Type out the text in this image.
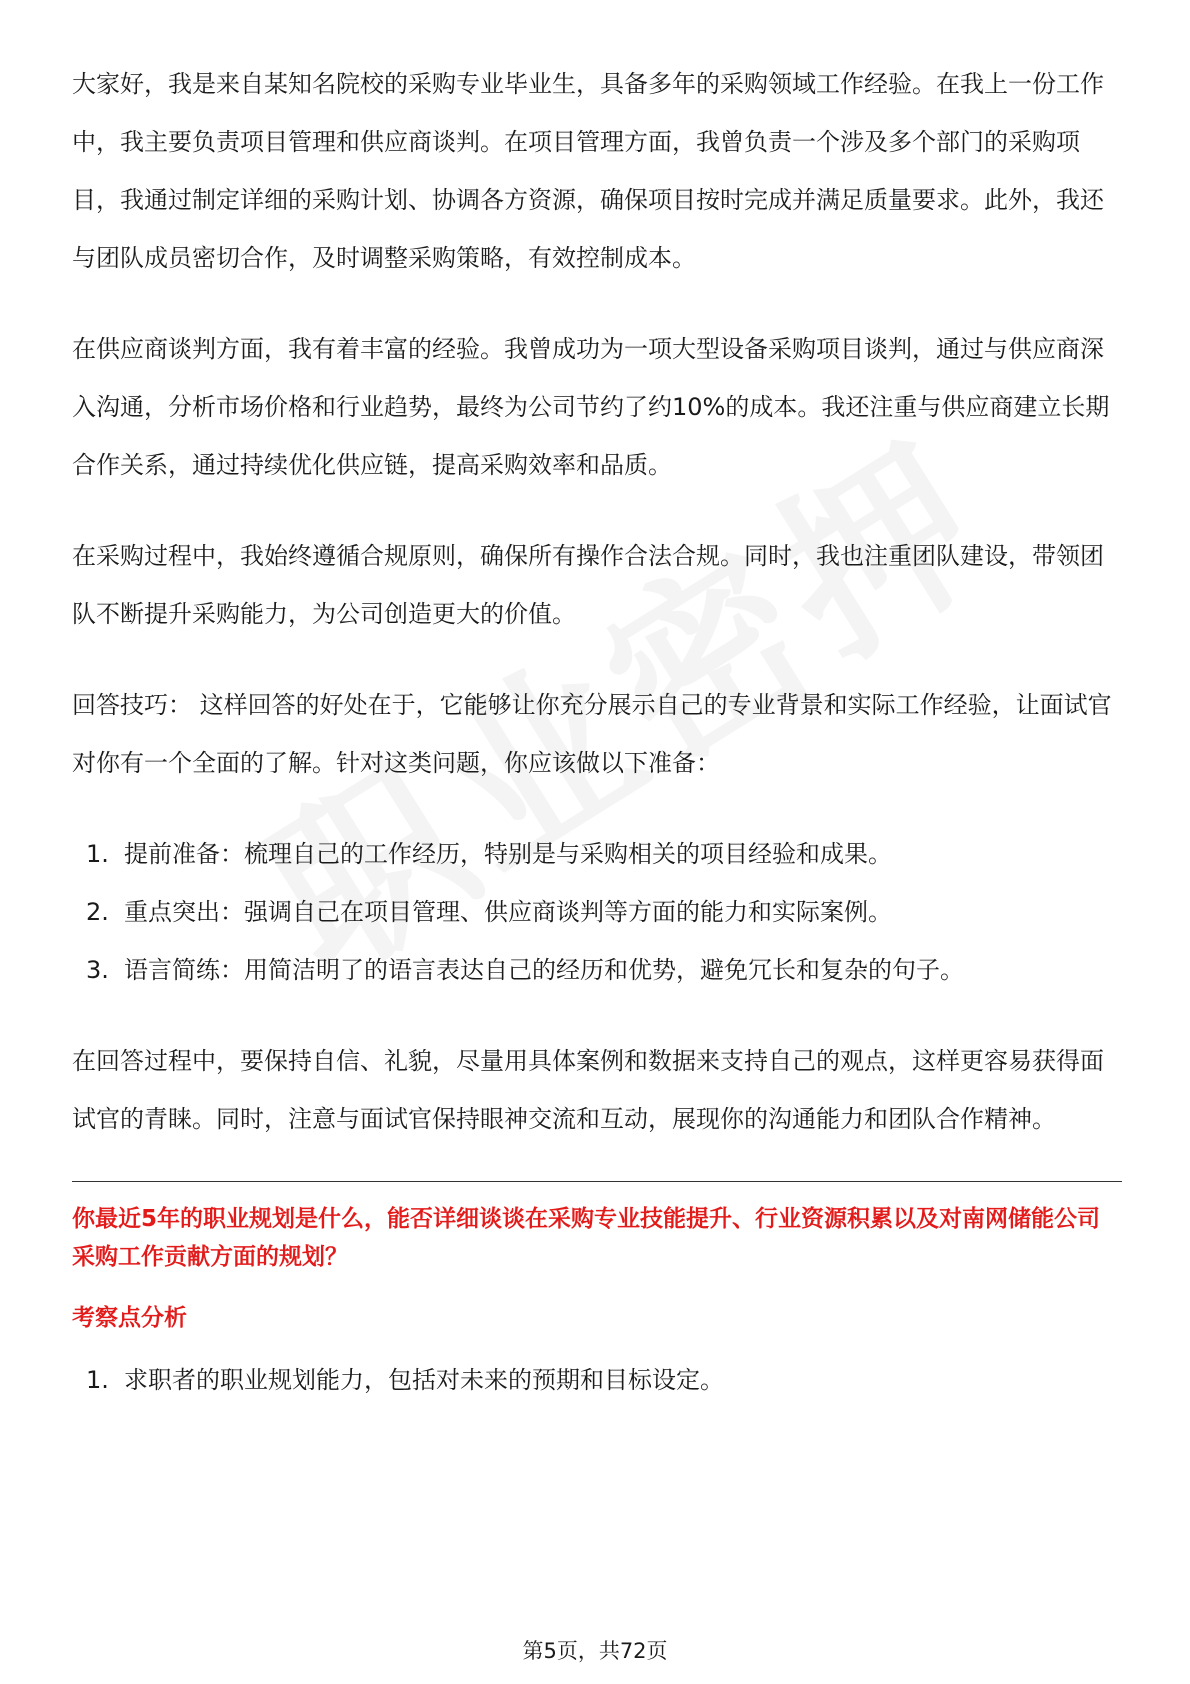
大家好，我是来自某知名院校的采购专业毕业生，具备多年的采购领域工作经验。在我上一份工作中，我主要负责项目管理和供应商谈判。在项目管理方面，我曾负责一个涉及多个部门的采购项目，我通过制定详细的采购计划、协调各方资源，确保项目按时完成并满足质量要求。此外，我还与团队成员密切合作，及时调整采购策略，有效控制成本。

在供应商谈判方面，我有着丰富的经验。我曾成功为一项大型设备采购项目谈判，通过与供应商深入沟通，分析市场价格和行业趋势，最终为公司节约了约10%的成本。我还注重与供应商建立长期合作关系，通过持续优化供应链，提高采购效率和品质。

在采购过程中，我始终遵循合规原则，确保所有操作合法合规。同时，我也注重团队建设，带领团队不断提升采购能力，为公司创造更大的价值。

回答技巧： 这样回答的好处在于，它能够让你充分展示自己的专业背景和实际工作经验，让面试官对你有一个全面的了解。针对这类问题，你应该做以下准备：

1. 提前准备：梳理自己的工作经历，特别是与采购相关的项目经验和成果。
2. 重点突出：强调自己在项目管理、供应商谈判等方面的能力和实际案例。
3. 语言简练：用简洁明了的语言表达自己的经历和优势，避免冗长和复杂的句子。

在回答过程中，要保持自信、礼貌，尽量用具体案例和数据来支持自己的观点，这样更容易获得面试官的青睐。同时，注意与面试官保持眼神交流和互动，展现你的沟通能力和团队合作精神。

你最近5年的职业规划是什么，能否详细谈谈在采购专业技能提升、行业资源积累以及对南网储能公司采购工作贡献方面的规划？

考察点分析

1. 求职者的职业规划能力，包括对未来的预期和目标设定。
第5页，共72页
